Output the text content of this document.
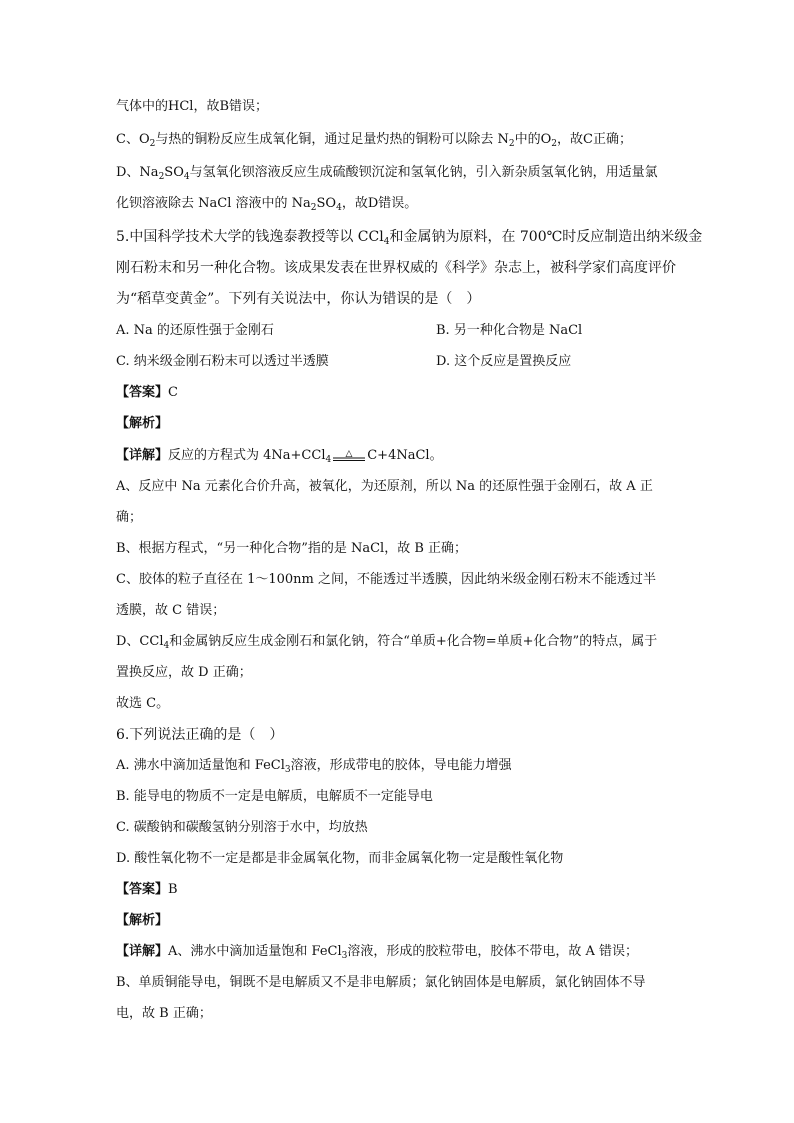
气体中的HCl，故B错误；
C、$O_2$与热的铜粉反应生成氧化铜，通过足量灼热的铜粉可以除去 $N_2$中的$O_2$，故C正确；
D、$Na_2SO_4$与氢氧化钡溶液反应生成硫酸钡沉淀和氢氧化钠，引入新杂质氢氧化钠，用适量氯
化钡溶液除去 NaCl 溶液中的 $Na_2SO_4$，故D错误。
5.中国科学技术大学的钱逸泰教授等以 CCl$_4$和金属钠为原料，在 700℃时反应制造出纳米级金
刚石粉末和另一种化合物。该成果发表在世界权威的《科学》杂志上，被科学家们高度评价
为“稻草变黄金”。下列有关说法中，你认为错误的是（　）
A. Na 的还原性强于金刚石	B. 另一种化合物是 NaCl
C. 纳米级金刚石粉末可以透过半透膜	D. 这个反应是置换反应
【答案】C
【解析】
【详解】反应的方程式为 4Na+CCl$_4$
△ C+4NaCl。
A、反应中 Na 元素化合价升高，被氧化，为还原剂，所以 Na 的还原性强于金刚石，故 A 正
确；
B、根据方程式，“另一种化合物”指的是 NaCl，故 B 正确；
C、胶体的粒子直径在 1～100nm 之间，不能透过半透膜，因此纳米级金刚石粉末不能透过半
透膜，故 C 错误；
D、CCl$_4$和金属钠反应生成金刚石和氯化钠，符合“单质+化合物=单质+化合物”的特点，属于
置换反应，故 D 正确；
故选 C。
6.下列说法正确的是（　）
A. 沸水中滴加适量饱和 FeCl$_3$溶液，形成带电的胶体，导电能力增强
B. 能导电的物质不一定是电解质，电解质不一定能导电
C. 碳酸钠和碳酸氢钠分别溶于水中，均放热
D. 酸性氧化物不一定是都是非金属氧化物，而非金属氧化物一定是酸性氧化物
【答案】B
【解析】
【详解】A、沸水中滴加适量饱和 FeCl$_3$溶液，形成的胶粒带电，胶体不带电，故 A 错误；
B、单质铜能导电，铜既不是电解质又不是非电解质；氯化钠固体是电解质，氯化钠固体不导
电，故 B 正确；
